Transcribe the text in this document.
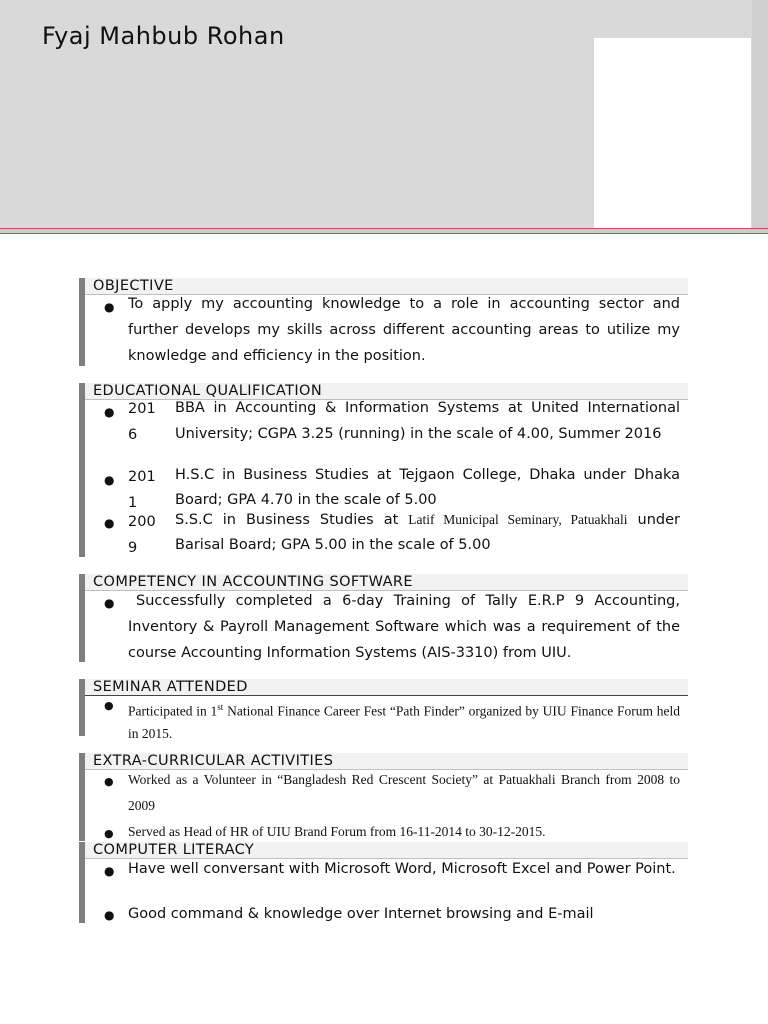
Fyaj Mahbub Rohan
OBJECTIVE
● To apply my accounting knowledge to a role in accounting sector and further develops my skills across different accounting areas to utilize my knowledge and efficiency in the position.
EDUCATIONAL QUALIFICATION
● 201
6
BBA in Accounting & Information Systems at United International University; CGPA 3.25 (running) in the scale of 4.00, Summer 2016
● 201
1
H.S.C in Business Studies at Tejgaon College, Dhaka under Dhaka Board; GPA 4.70 in the scale of 5.00
● 200
9
S.S.C in Business Studies at Latif Municipal Seminary, Patuakhali under Barisal Board; GPA 5.00 in the scale of 5.00
COMPETENCY IN ACCOUNTING SOFTWARE
●	Successfully completed a 6-day Training of Tally E.R.P 9 Accounting, Inventory & Payroll Management Software which was a requirement of the course Accounting Information Systems (AIS-3310) from UIU.
SEMINAR ATTENDED
● Participated in 1st National Finance Career Fest “Path Finder” organized by UIU Finance Forum held in 2015.
EXTRA-CURRICULAR ACTIVITIES
● Worked as a Volunteer in “Bangladesh Red Crescent Society” at Patuakhali Branch from 2008 to 2009
● Served as Head of HR of UIU Brand Forum from 16-11-2014 to 30-12-2015.
COMPUTER LITERACY
● Have well conversant with Microsoft Word, Microsoft Excel and Power Point.
● Good command & knowledge over Internet browsing and E-mail
